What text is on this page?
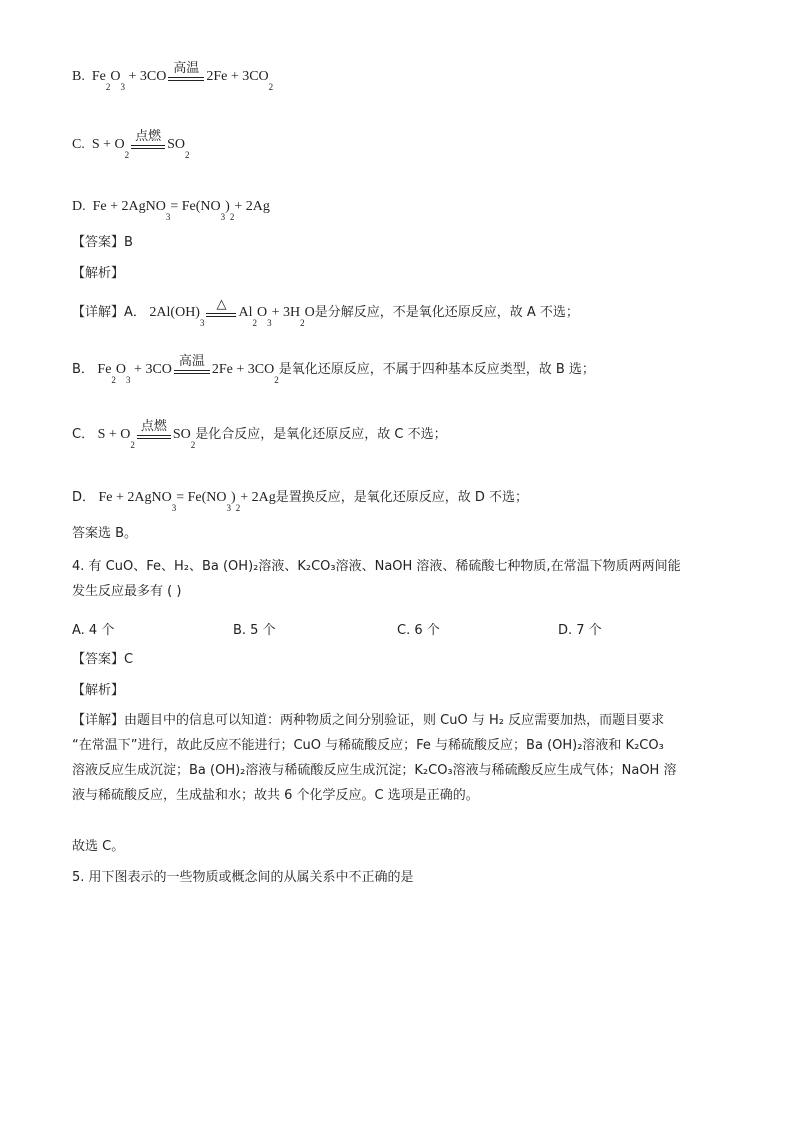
B.
Fe
2
O
3

+ 3CO
高温
2Fe + 3CO
2
C.
S + O
2
点燃
SO
2
D.
Fe + 2AgNO
3
= Fe(NO
3
)
2
+ 2Ag
【答案】B
【解析】
【详解】 A．
2Al(OH)
3
△
Al
2
O
3
+ 3H
2
O 是分解反应，不是氧化还原反应，故 A 不选；
B．
Fe
2
O
3

+ 3CO
高温
2Fe + 3CO
2
是氧化还原反应，不属于四种基本反应类型，故 B 选；
C．
S + O
2
点燃
SO
2
是化合反应，是氧化还原反应，故 C 不选；
D．
Fe + 2AgNO
3
= Fe(NO
3
)
2
+ 2Ag 是置换反应，是氧化还原反应，故 D 不选；
答案选 B。
4. 有 CuO、Fe、H₂、Ba (OH)₂溶液、K₂CO₃溶液、NaOH 溶液、稀硫酸七种物质,在常温下物质两两间能
发生反应最多有 ( )
A. 4 个	B. 5 个	C. 6 个	D. 7 个
【答案】C
【解析】
【详解】由题目中的信息可以知道：两种物质之间分别验证，则 CuO 与 H₂ 反应需要加热，而题目要求
“在常温下”进行，故此反应不能进行；CuO 与稀硫酸反应；Fe 与稀硫酸反应；Ba (OH)₂溶液和 K₂CO₃
溶液反应生成沉淀；Ba (OH)₂溶液与稀硫酸反应生成沉淀；K₂CO₃溶液与稀硫酸反应生成气体；NaOH 溶
液与稀硫酸反应，生成盐和水；故共 6 个化学反应。C 选项是正确的。
故选 C。
5. 用下图表示的一些物质或概念间的从属关系中不正确的是
